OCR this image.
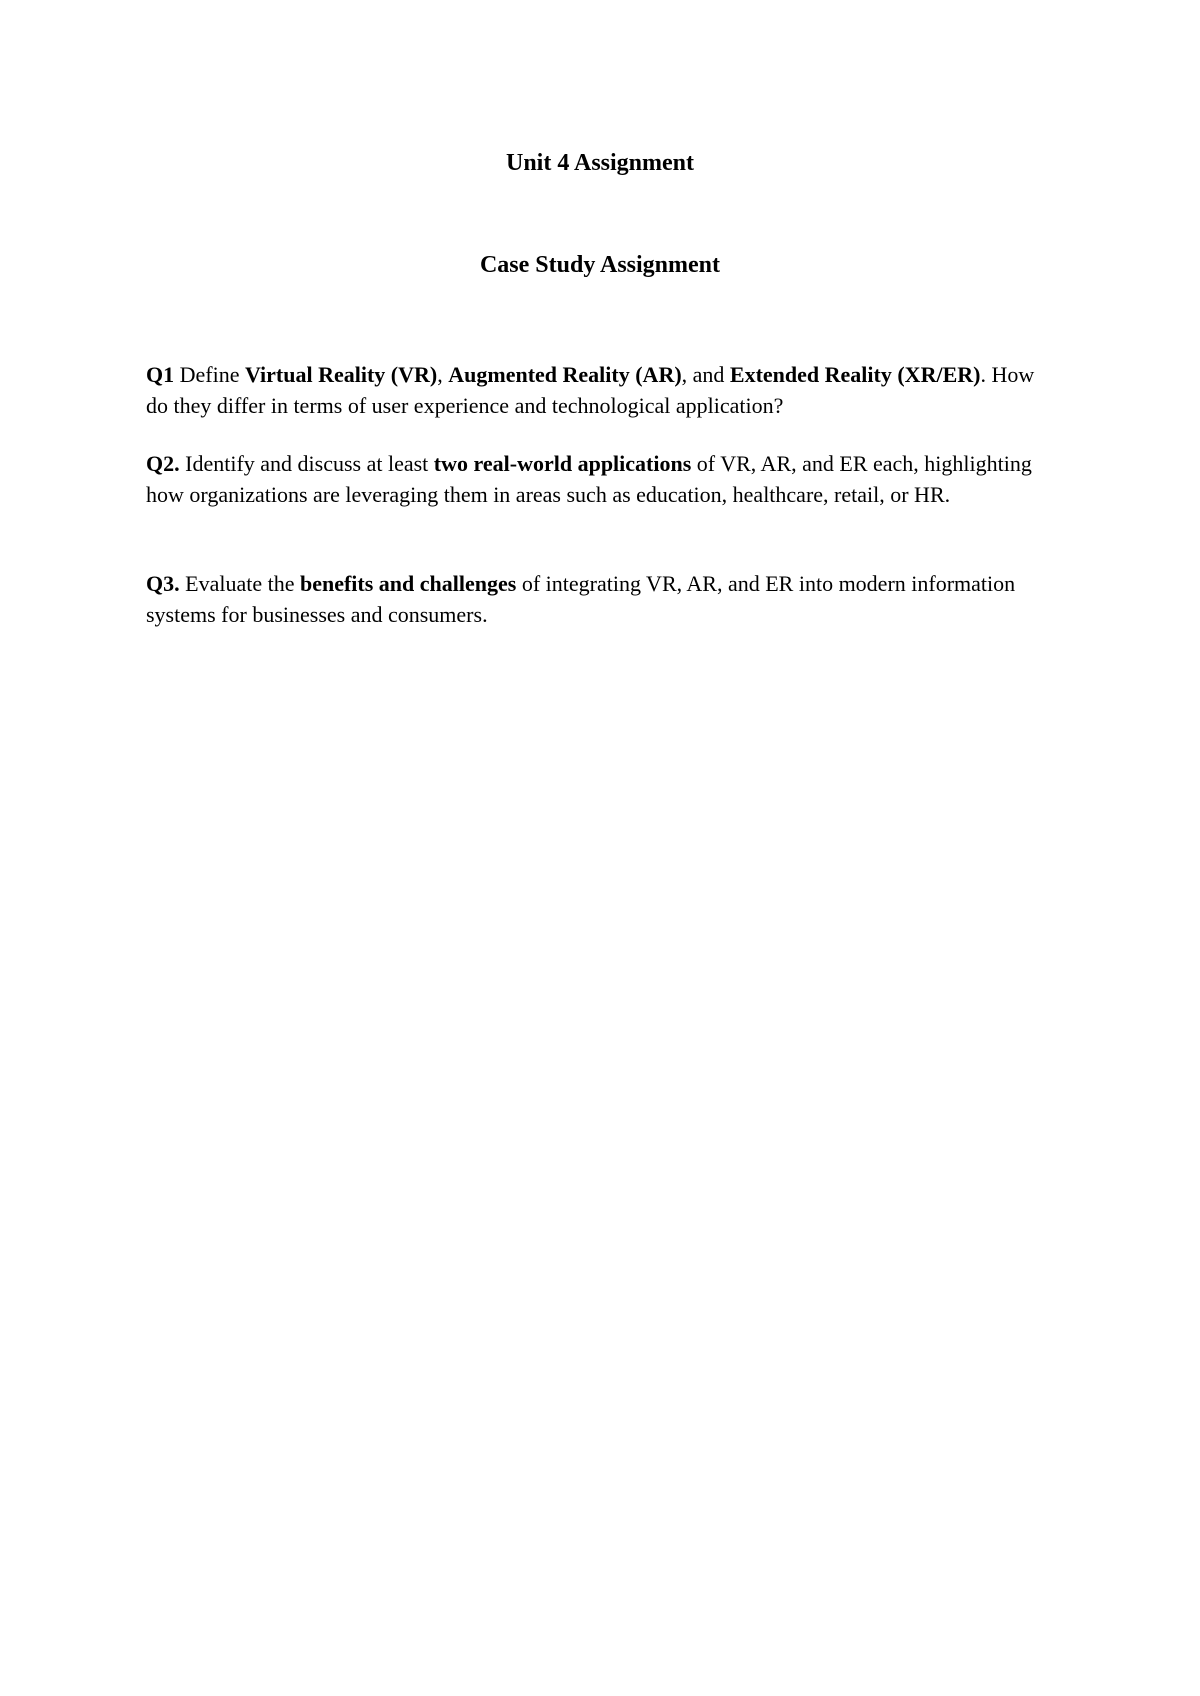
Unit 4 Assignment
Case Study Assignment

Q1 Define Virtual Reality (VR), Augmented Reality (AR), and Extended Reality (XR/ER). How do they differ in terms of user experience and technological application?

Q2. Identify and discuss at least two real-world applications of VR, AR, and ER each, highlighting how organizations are leveraging them in areas such as education, healthcare, retail, or HR.

Q3. Evaluate the benefits and challenges of integrating VR, AR, and ER into modern information systems for businesses and consumers.
